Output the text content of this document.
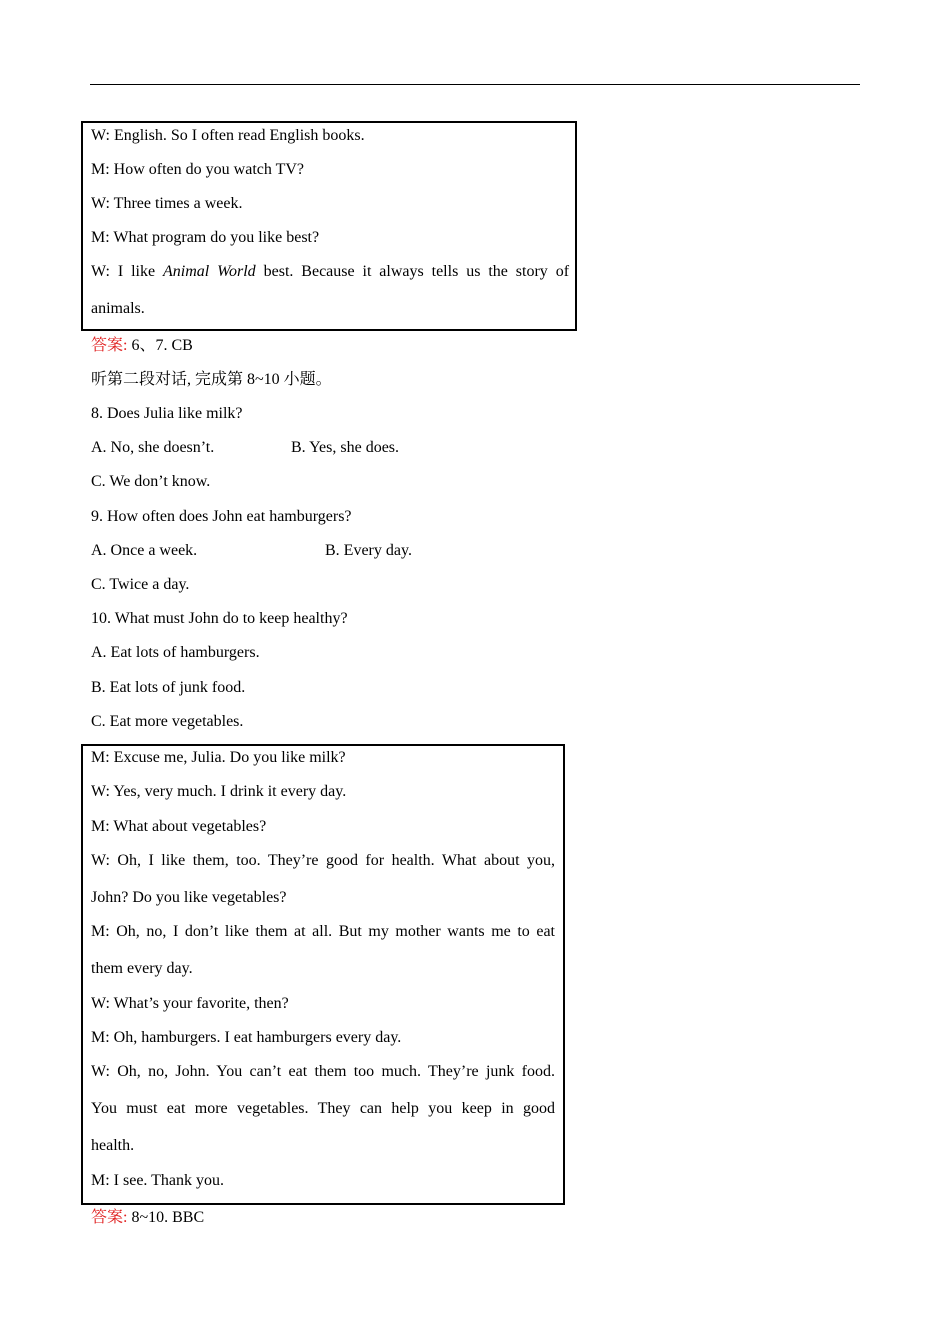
W: English. So I often read English books.
M: How often do you watch TV?
W: Three times a week.
M: What program do you like best?
W: I like Animal World best. Because it always tells us the story of
animals.
答案: 6、7. CB
听第二段对话, 完成第 8~10 小题。
8. Does Julia like milk?
A. No, she doesn’t.	B. Yes, she does.
C. We don’t know.
9. How often does John eat hamburgers?
A. Once a week.	B. Every day.
C. Twice a day.
10. What must John do to keep healthy?
A. Eat lots of hamburgers.
B. Eat lots of junk food.
C. Eat more vegetables.
M: Excuse me, Julia. Do you like milk?
W: Yes, very much. I drink it every day.
M: What about vegetables?
W: Oh, I like them, too. They’re good for health. What about you,
John? Do you like vegetables?
M: Oh, no, I don’t like them at all. But my mother wants me to eat
them every day.
W: What’s your favorite, then?
M: Oh, hamburgers. I eat hamburgers every day.
W: Oh, no, John. You can’t eat them too much. They’re junk food.
You must eat more vegetables. They can help you keep in good
health.
M: I see. Thank you.
答案: 8~10. BBC
